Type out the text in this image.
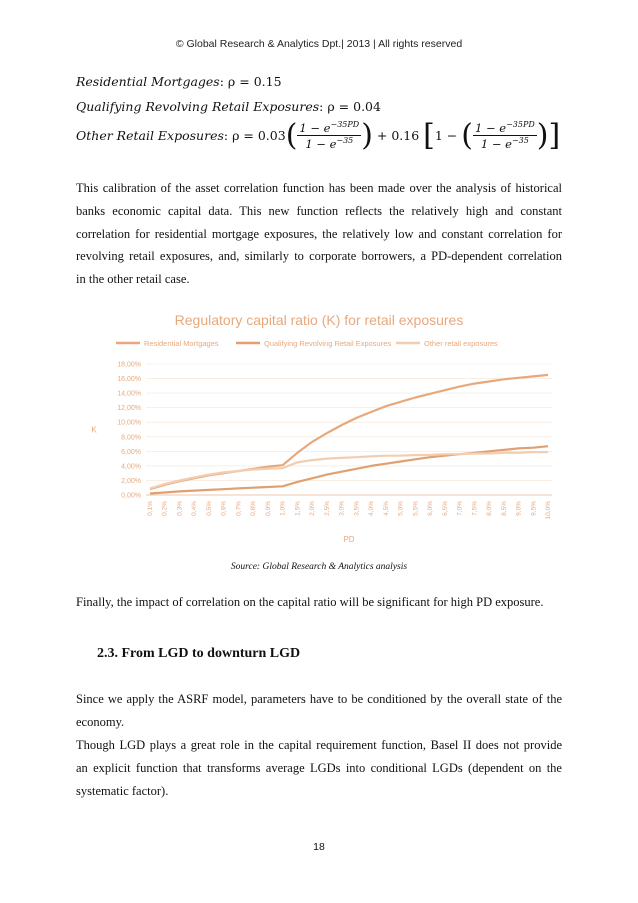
© Global Research & Analytics Dpt.| 2013 | All rights reserved
Residential Mortgages: ρ = 0.15
Qualifying Revolving Retail Exposures: ρ = 0.04
Other Retail Exposures: $\rho = 0.03( \frac{1 - e^{-35PD}}{1 - e^{-35}}$ ) + 0.16 [1 − ( $\frac{1 - e^{-35PD}}{1 - e^{-35}}$ )]
This calibration of the asset correlation function has been made over the analysis of historical
banks economic capital data. This new function reflects the relatively high and constant
correlation for residential mortgage exposures, the relatively low and constant correlation for
revolving retail exposures, and, similarly to corporate borrowers, a PD-dependent correlation
in the other retail case.
Regulatory capital ratio (K) for retail exposures
Residential Mortgages	Qualifying Revolving Retail Exposures	Other retail exposures
0,00%
2,00%
4,00%
6,00%
8,00%
10,00%
12,00%
14,00%
16,00%
18,00%
0,1% 0,2% 0,3% 0,4% 0,5% 0,6% 0,7% 0,8% 0,9% 1,0% 1,5% 2,0% 2,5% 3,0% 3,5% 4,0% 4,5% 5,0% 5,5% 6,0% 6,5% 7,0% 7,5% 8,0% 8,5% 9,0% 9,5% 10,0%
K
PD
Source: Global Research & Analytics analysis
Finally, the impact of correlation on the capital ratio will be significant for high PD exposure.
2.3. From LGD to downturn LGD
Since we apply the ASRF model, parameters have to be conditioned by the overall state of the
economy.
Though LGD plays a great role in the capital requirement function, Basel II does not provide
an explicit function that transforms average LGDs into conditional LGDs (dependent on the
systematic factor).
18
